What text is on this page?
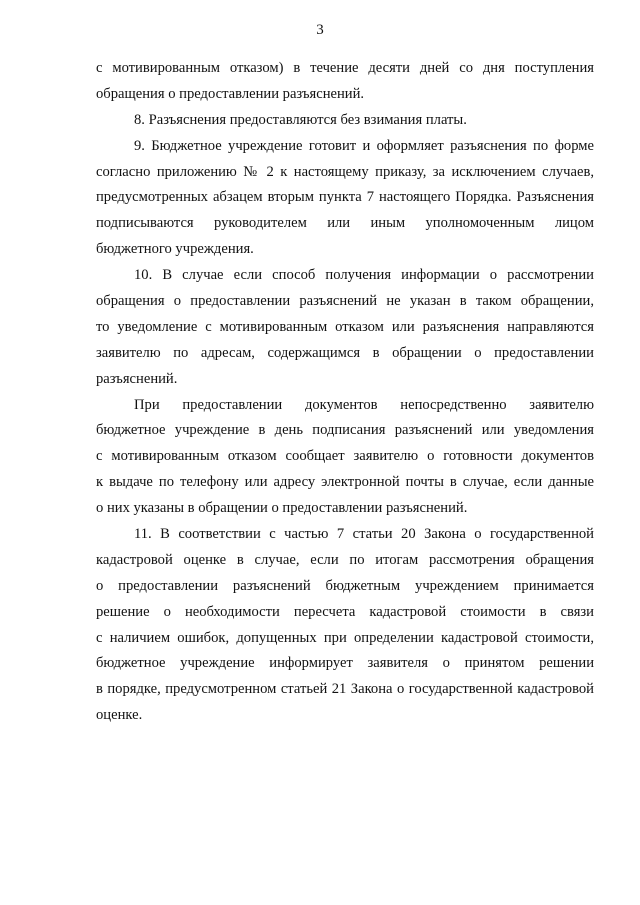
3
с мотивированным отказом) в течение десяти дней со дня поступления
обращения о предоставлении разъяснений.
8. Разъяснения предоставляются без взимания платы.
9. Бюджетное учреждение готовит и оформляет разъяснения по форме
согласно приложению № 2 к настоящему приказу, за исключением случаев,
предусмотренных абзацем вторым пункта 7 настоящего Порядка. Разъяснения
подписываются руководителем или иным уполномоченным лицом
бюджетного учреждения.
10. В случае если способ получения информации о рассмотрении
обращения о предоставлении разъяснений не указан в таком обращении,
то уведомление с мотивированным отказом или разъяснения направляются
заявителю по адресам, содержащимся в обращении о предоставлении
разъяснений.
При предоставлении документов непосредственно заявителю
бюджетное учреждение в день подписания разъяснений или уведомления
с мотивированным отказом сообщает заявителю о готовности документов
к выдаче по телефону или адресу электронной почты в случае, если данные
о них указаны в обращении о предоставлении разъяснений.
11. В соответствии с частью 7 статьи 20 Закона о государственной
кадастровой оценке в случае, если по итогам рассмотрения обращения
о предоставлении разъяснений бюджетным учреждением принимается
решение о необходимости пересчета кадастровой стоимости в связи
с наличием ошибок, допущенных при определении кадастровой стоимости,
бюджетное учреждение информирует заявителя о принятом решении
в порядке, предусмотренном статьей 21 Закона о государственной кадастровой
оценке.
